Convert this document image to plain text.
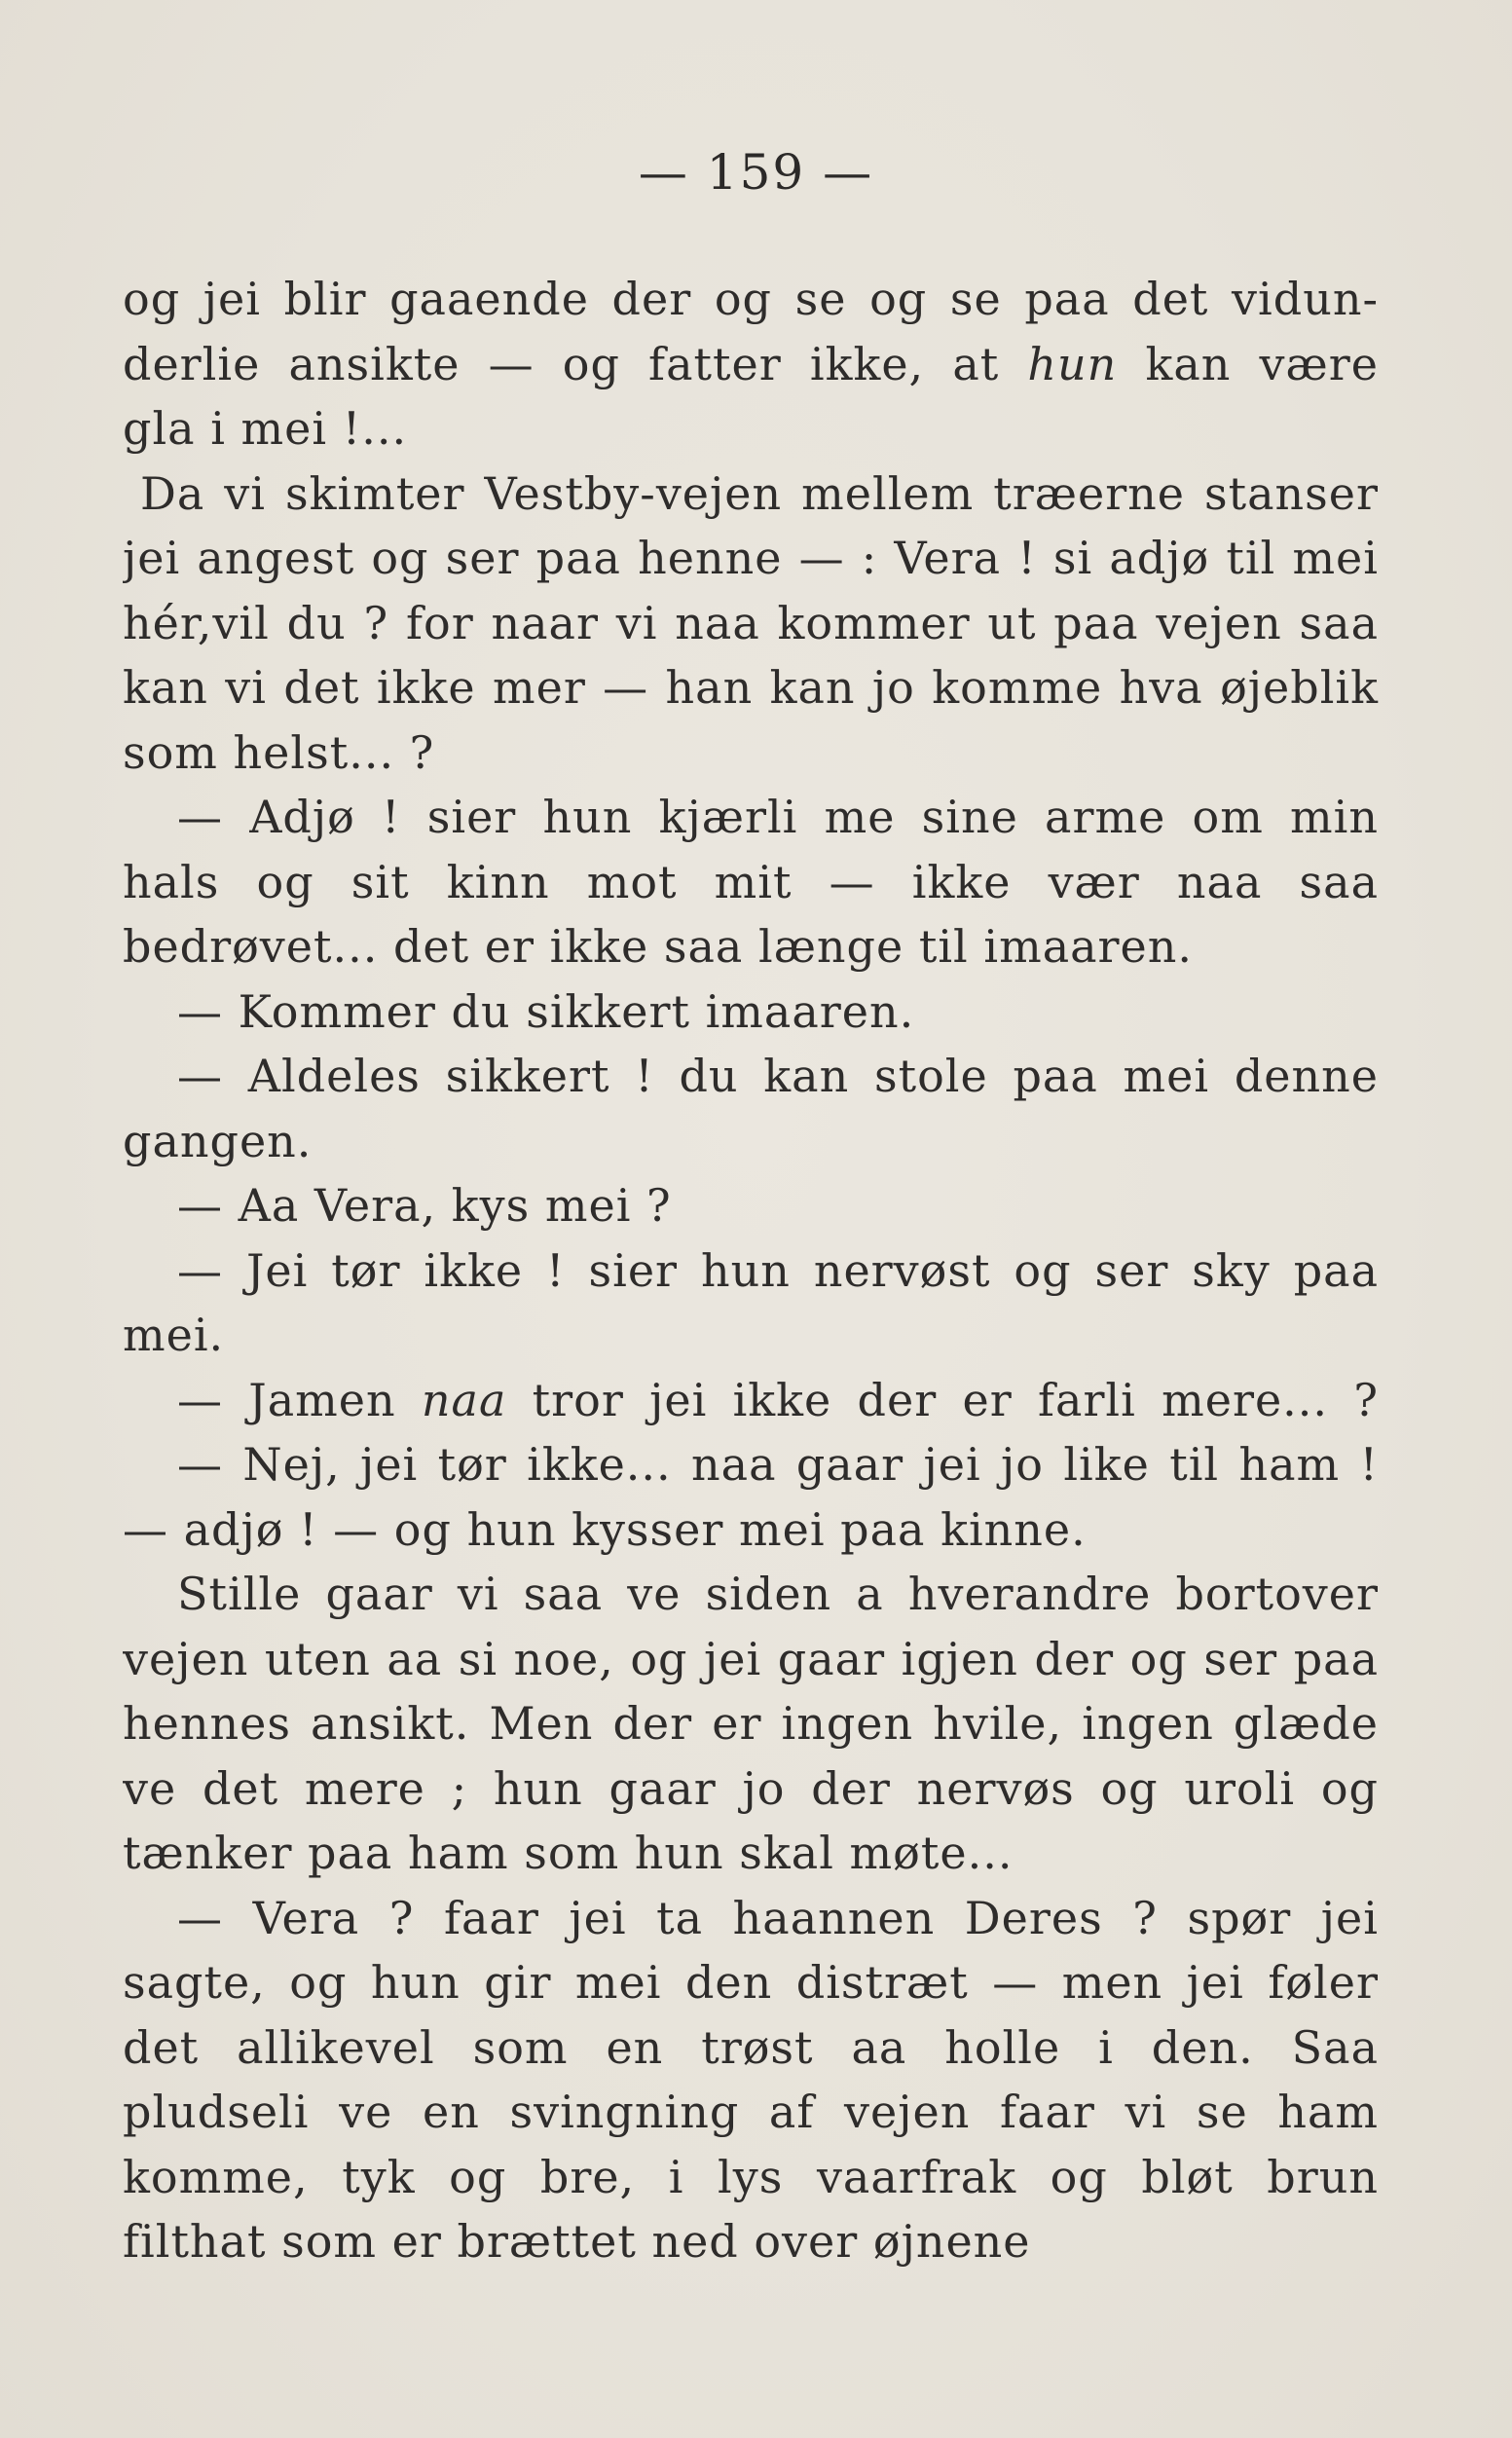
— 159 —
og jei blir gaaende der og se og se paa det vidun-
derlie ansikte — og fatter ikke, at hun kan være
gla i mei !...
Da vi skimter Vestby-vejen mellem træerne stanser
jei angest og ser paa henne — : Vera ! si adjø til mei
hér,vil du ? for naar vi naa kommer ut paa vejen saa
kan vi det ikke mer — han kan jo komme hva øjeblik
som helst... ?
— Adjø ! sier hun kjærli me sine arme om min
hals og sit kinn mot mit — ikke vær naa saa
bedrøvet... det er ikke saa længe til imaaren.
— Kommer du sikkert imaaren.
— Aldeles sikkert ! du kan stole paa mei denne
gangen.
— Aa Vera, kys mei ?
— Jei tør ikke ! sier hun nervøst og ser sky paa
mei.
— Jamen naa tror jei ikke der er farli mere... ?
— Nej, jei tør ikke... naa gaar jei jo like til ham !
— adjø ! — og hun kysser mei paa kinne.
Stille gaar vi saa ve siden a hverandre bortover
vejen uten aa si noe, og jei gaar igjen der og ser paa
hennes ansikt. Men der er ingen hvile, ingen glæde
ve det mere ; hun gaar jo der nervøs og uroli og
tænker paa ham som hun skal møte...
— Vera ? faar jei ta haannen Deres ? spør jei
sagte, og hun gir mei den distræt — men jei føler
det allikevel som en trøst aa holle i den. Saa
pludseli ve en svingning af vejen faar vi se ham
komme, tyk og bre, i lys vaarfrak og bløt brun
filthat som er brættet ned over øjnene
